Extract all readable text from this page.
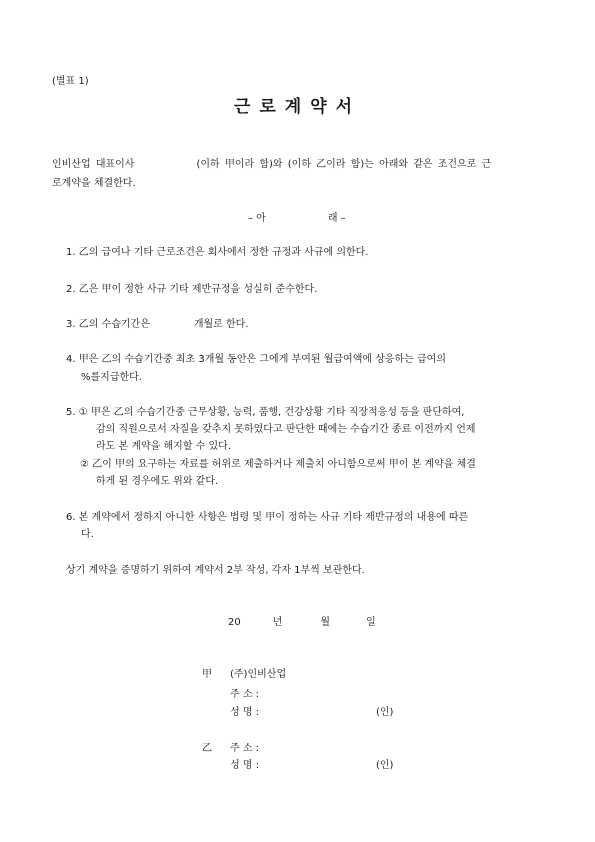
(별표 1)
근로계약서
인비산업 대표이사	(이하 甲이라 함)와 (이하 乙이라 함)는 아래와 같은 조건으로 근
로계약을 체결한다.
– 아	래 –
1. 乙의 급여나 기타 근로조건은 회사에서 정한 규정과 사규에 의한다.
2. 乙은 甲이 정한 사규 기타 제반규정을 성실히 준수한다.
3. 乙의 수습기간은	개월로 한다.
4. 甲은 乙의 수습기간중 최초 3개월 동안은 그에게 부여된 월급여액에 상응하는 급여의
%를지급한다.
5. ① 甲은 乙의 수습기간중 근무상황, 능력, 품행, 건강상황 기타 직장적응성 등을 판단하여,
감의 직원으로서 자질을 갖추지 못하였다고 판단한 때에는 수습기간 종료 이전까지 언제
라도 본 계약을 해지할 수 있다.
② 乙이 甲의 요구하는 자료를 허위로 제출하거나 제출치 아니함으로써 甲이 본 계약을 체결
하게 된 경우에도 위와 같다.
6. 본 계약에서 정하지 아니한 사항은 법령 및 甲이 정하는 사규 기타 제반규정의 내용에 따른
다.
상기 계약을 증명하기 위하여 계약서 2부 작성, 각자 1부씩 보관한다.
20	년	월	일
甲 (주)인비산업
주 소 :
성 명 :	(인)
乙 주 소 :
성 명 :	(인)
